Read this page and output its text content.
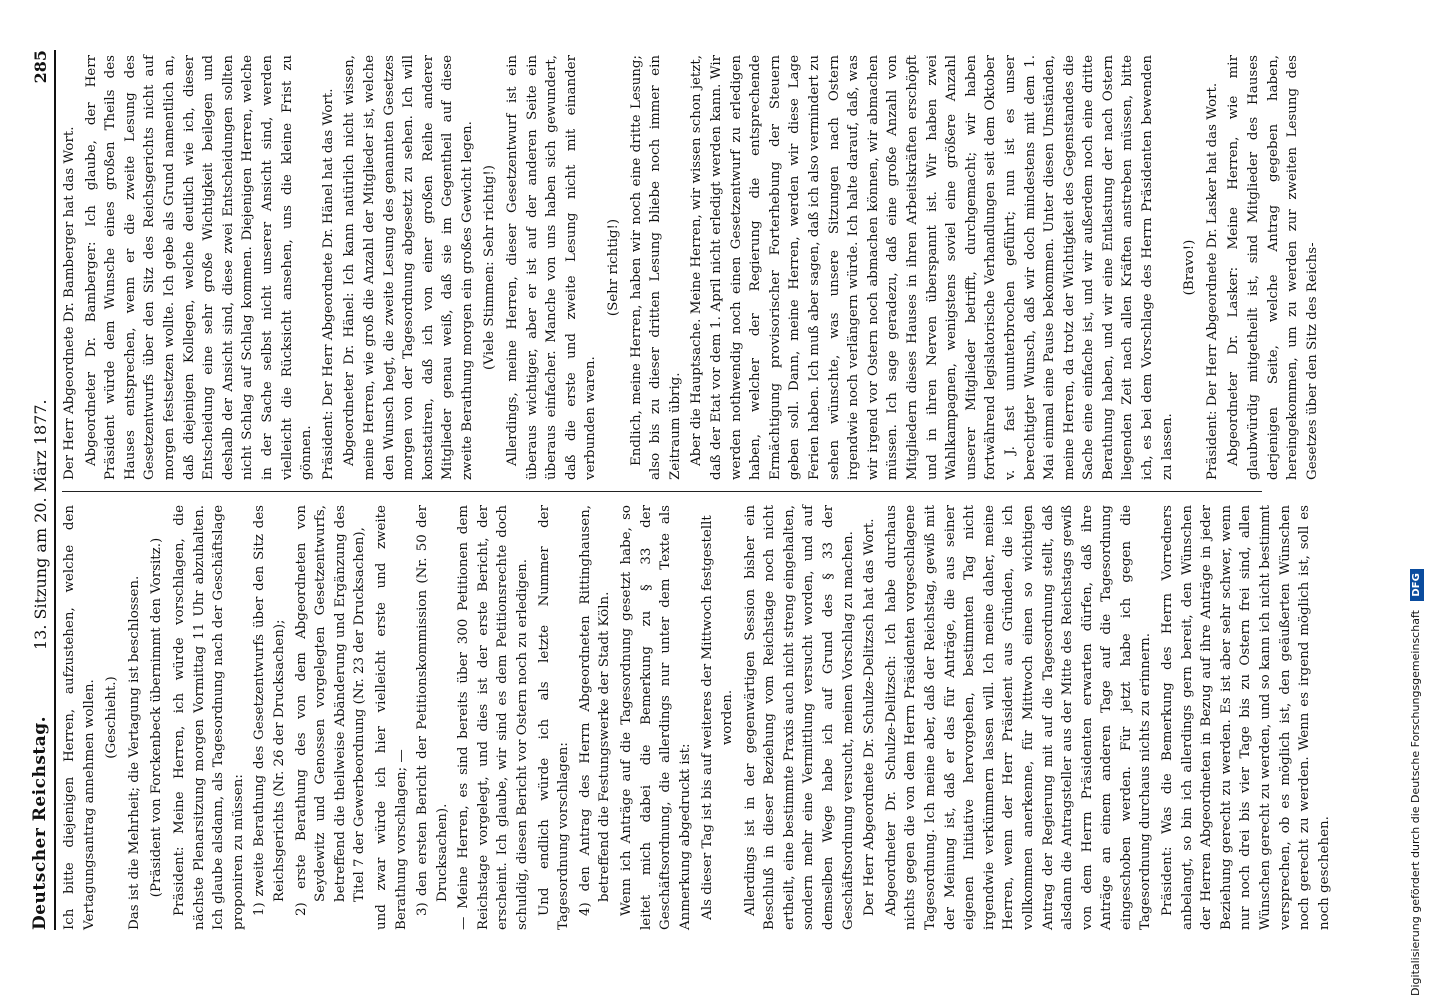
Deutscher Reichstag.
13. Sitzung am 20. März 1877.
285

Ich bitte diejenigen Herren, aufzustehen, welche den Vertagungsantrag annehmen wollen. (Geschieht.) Das ist die Mehrheit; die Vertagung ist beschlossen. (Präsident von Forckenbeck übernimmt den Vorsitz.) Präsident: Meine Herren, ich würde vorschlagen, die nächste Plenarsitzung morgen Vormittag 11 Uhr abzuhalten. Ich glaube alsdann, als Tagesordnung nach der Geschäftslage proponiren zu müssen: 1) zweite Berathung des Gesetzentwurfs über den Sitz des Reichsgerichts (Nr. 26 der Drucksachen); 2) erste Berathung des von dem Abgeordneten von Seydewitz und Genossen vorgelegten Gesetzentwurfs, betreffend die theilweise Abänderung und Ergänzung des Titel 7 der Gewerbeordnung (Nr. 23 der Drucksachen), und zwar würde ich hier vielleicht erste und zweite Berathung vorschlagen; — 3) den ersten Bericht der Petitionskommission (Nr. 50 der Drucksachen). — Meine Herren, es sind bereits über 300 Petitionen dem Reichstage vorgelegt, und dies ist der erste Bericht, der erscheint. Ich glaube, wir sind es dem Petitionsrechte doch schuldig, diesen Bericht vor Ostern noch zu erledigen. Und endlich würde ich als letzte Nummer der Tagesordnung vorschlagen: 4) den Antrag des Herrn Abgeordneten Rittinghausen, betreffend die Festungswerke der Stadt Köln. Wenn ich Anträge auf die Tagesordnung gesetzt habe, so leitet mich dabei die Bemerkung zu § 33 der Geschäftsordnung, die allerdings nur unter dem Texte als Anmerkung abgedruckt ist: Als dieser Tag ist bis auf weiteres der Mittwoch festgestellt worden. Allerdings ist in der gegenwärtigen Session bisher ein Beschluß in dieser Beziehung vom Reichstage noch nicht ertheilt, eine bestimmte Praxis auch nicht streng eingehalten, sondern mehr eine Vermittlung versucht worden, und auf demselben Wege habe ich auf Grund des § 33 der Geschäftsordnung versucht, meinen Vorschlag zu machen. Der Herr Abgeordnete Dr. Schulze-Delitzsch hat das Wort. Abgeordneter Dr. Schulze-Delitzsch: Ich habe durchaus nichts gegen die von dem Herrn Präsidenten vorgeschlagene Tagesordnung. Ich meine aber, daß der Reichstag, gewiß mit der Meinung ist, daß er das für Anträge, die aus seiner eigenen Initiative hervorgehen, bestimmten Tag nicht irgendwie verkümmern lassen will. Ich meine daher, meine Herren, wenn der Herr Präsident aus Gründen, die ich vollkommen anerkenne, für Mittwoch einen so wichtigen Antrag der Regierung mit auf die Tagesordnung stellt, daß alsdann die Antragsteller aus der Mitte des Reichstags gewiß von dem Herrn Präsidenten erwarten dürfen, daß ihre Anträge an einem anderen Tage auf die Tagesordnung eingeschoben werden. Für jetzt habe ich gegen die Tagesordnung durchaus nichts zu erinnern. Präsident: Was die Bemerkung des Herrn Vorredners anbelangt, so bin ich allerdings gern bereit, den Wünschen der Herren Abgeordneten in Bezug auf ihre Anträge in jeder Beziehung gerecht zu werden. Es ist aber sehr schwer, wenn nur noch drei bis vier Tage bis zu Ostern frei sind, allen Wünschen gerecht zu werden, und so kann ich nicht bestimmt versprechen, ob es möglich ist, den geäußerten Wünschen noch gerecht zu werden. Wenn es irgend möglich ist, soll es noch geschehen.

Der Herr Abgeordnete Dr. Bamberger hat das Wort. Abgeordneter Dr. Bamberger: Ich glaube, der Herr Präsident würde dem Wunsche eines großen Theils des Hauses entsprechen, wenn er die zweite Lesung des Gesetzentwurfs über den Sitz des Reichsgerichts nicht auf morgen festsetzen wollte. Ich gebe als Grund namentlich an, daß diejenigen Kollegen, welche deutlich wie ich, dieser Entscheidung eine sehr große Wichtigkeit beilegen und deshalb der Ansicht sind, diese zwei Entscheidungen sollten nicht Schlag auf Schlag kommen. Diejenigen Herren, welche in der Sache selbst nicht unserer Ansicht sind, werden vielleicht die Rücksicht ansehen, uns die kleine Frist zu gönnen. Präsident: Der Herr Abgeordnete Dr. Hänel hat das Wort. Abgeordneter Dr. Hänel: Ich kann natürlich nicht wissen, meine Herren, wie groß die Anzahl der Mitglieder ist, welche den Wunsch hegt, die zweite Lesung des genannten Gesetzes morgen von der Tagesordnung abgesetzt zu sehen. Ich will konstatiren, daß ich von einer großen Reihe anderer Mitglieder genau weiß, daß sie im Gegentheil auf diese zweite Berathung morgen ein großes Gewicht legen. (Viele Stimmen: Sehr richtig!) Allerdings, meine Herren, dieser Gesetzentwurf ist ein überaus wichtiger, aber er ist auf der anderen Seite ein überaus einfacher. Manche von uns haben sich gewundert, daß die erste und zweite Lesung nicht mit einander verbunden waren.

(Sehr richtig!) Endlich, meine Herren, haben wir noch eine dritte Lesung; also bis zu dieser dritten Lesung bliebe noch immer ein Zeitraum übrig. Aber die Hauptsache. Meine Herren, wir wissen schon jetzt, daß der Etat vor dem 1. April nicht erledigt werden kann. Wir werden nothwendig noch einen Gesetzentwurf zu erledigen haben, welcher der Regierung die entsprechende Ermächtigung provisorischer Forterhebung der Steuern geben soll. Dann, meine Herren, werden wir diese Lage Ferien haben. Ich muß aber sagen, daß ich also vermindert zu sehen wünschte, was unsere Sitzungen nach Ostern irgendwie noch verlängern würde. Ich halte darauf, daß, was wir irgend vor Ostern noch abmachen können, wir abmachen müssen. Ich sage geradezu, daß eine große Anzahl von Mitgliedern dieses Hauses in ihren Arbeitskräften erschöpft und in ihren Nerven überspannt ist. Wir haben zwei Wahlkampagnen, wenigstens soviel eine größere Anzahl unserer Mitglieder betrifft, durchgemacht; wir haben fortwährend legislatorische Verhandlungen seit dem Oktober v. J. fast ununterbrochen geführt; nun ist es unser berechtigter Wunsch, daß wir doch mindestens mit dem 1. Mai einmal eine Pause bekommen. Unter diesen Umständen, meine Herren, da trotz der Wichtigkeit des Gegenstandes die Sache eine einfache ist, und wir außerdem noch eine dritte Berathung haben, und wir eine Entlastung der nach Ostern liegenden Zeit nach allen Kräften anstreben müssen, bitte ich, es bei dem Vorschlage des Herrn Präsidenten bewenden zu lassen.

(Bravo!) Präsident: Der Herr Abgeordnete Dr. Lasker hat das Wort. Abgeordneter Dr. Lasker: Meine Herren, wie mir glaubwürdig mitgetheilt ist, sind Mitglieder des Hauses derjenigen Seite, welche Antrag gegeben haben, hereingekommen, um zu werden zur zweiten Lesung des Gesetzes über den Sitz des Reichs-

Digitalisierung gefördert durch die Deutsche Forschungsgemeinschaft DFG
